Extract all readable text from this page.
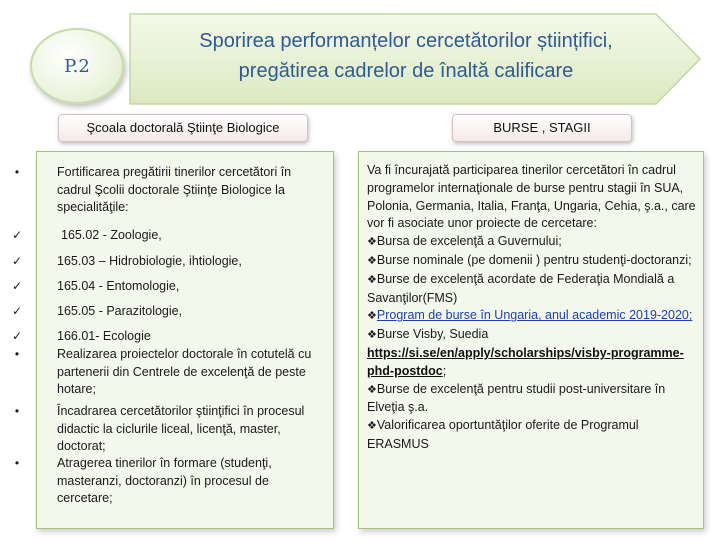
P.2
Sporirea performanțelor cercetătorilor științifici,
pregătirea cadrelor de înaltă calificare
Şcoala doctorală Ştiinţe Biologice	BURSE , STAGII
•	Fortificarea pregătirii tinerilor cercetători în cadrul Şcolii doctorale Ştiinţe Biologice la specialităţile:
✓	165.02 - Zoologie,
✓	165.03 – Hidrobiologie, ihtiologie,
✓	165.04 - Entomologie,
✓	165.05 - Parazitologie,
✓	166.01- Ecologie
•	Realizarea proiectelor doctorale în cotutelă cu partenerii din Centrele de excelenţă de peste hotare;
•	Încadrarea cercetătorilor ştiinţifici în procesul didactic la ciclurile liceal, licenţă, master, doctorat;
•	Atragerea tinerilor în formare (studenţi, masteranzi, doctoranzi) în procesul de cercetare;

Va fi încurajată participarea tinerilor cercetători în cadrul programelor internaţionale de burse pentru stagii în SUA, Polonia, Germania, Italia, Franţa, Ungaria, Cehia, ş.a., care vor fi asociate unor proiecte de cercetare:

❖Bursa de excelenţă a Guvernului;

❖Burse nominale (pe domenii ) pentru studenţi-doctoranzi;

❖Burse de excelenţă acordate de Federaţia Mondială a Savanţilor(FMS)

❖Program de burse în Ungaria, anul academic 2019-2020;

❖Burse Visby, Suedia
https://si.se/en/apply/scholarships/visby-programme-phd-postdoc;

❖Burse de excelenţă pentru studii post-universitare în Elveţia ş.a.

❖Valorificarea oportuntăţilor oferite de Programul ERASMUS
